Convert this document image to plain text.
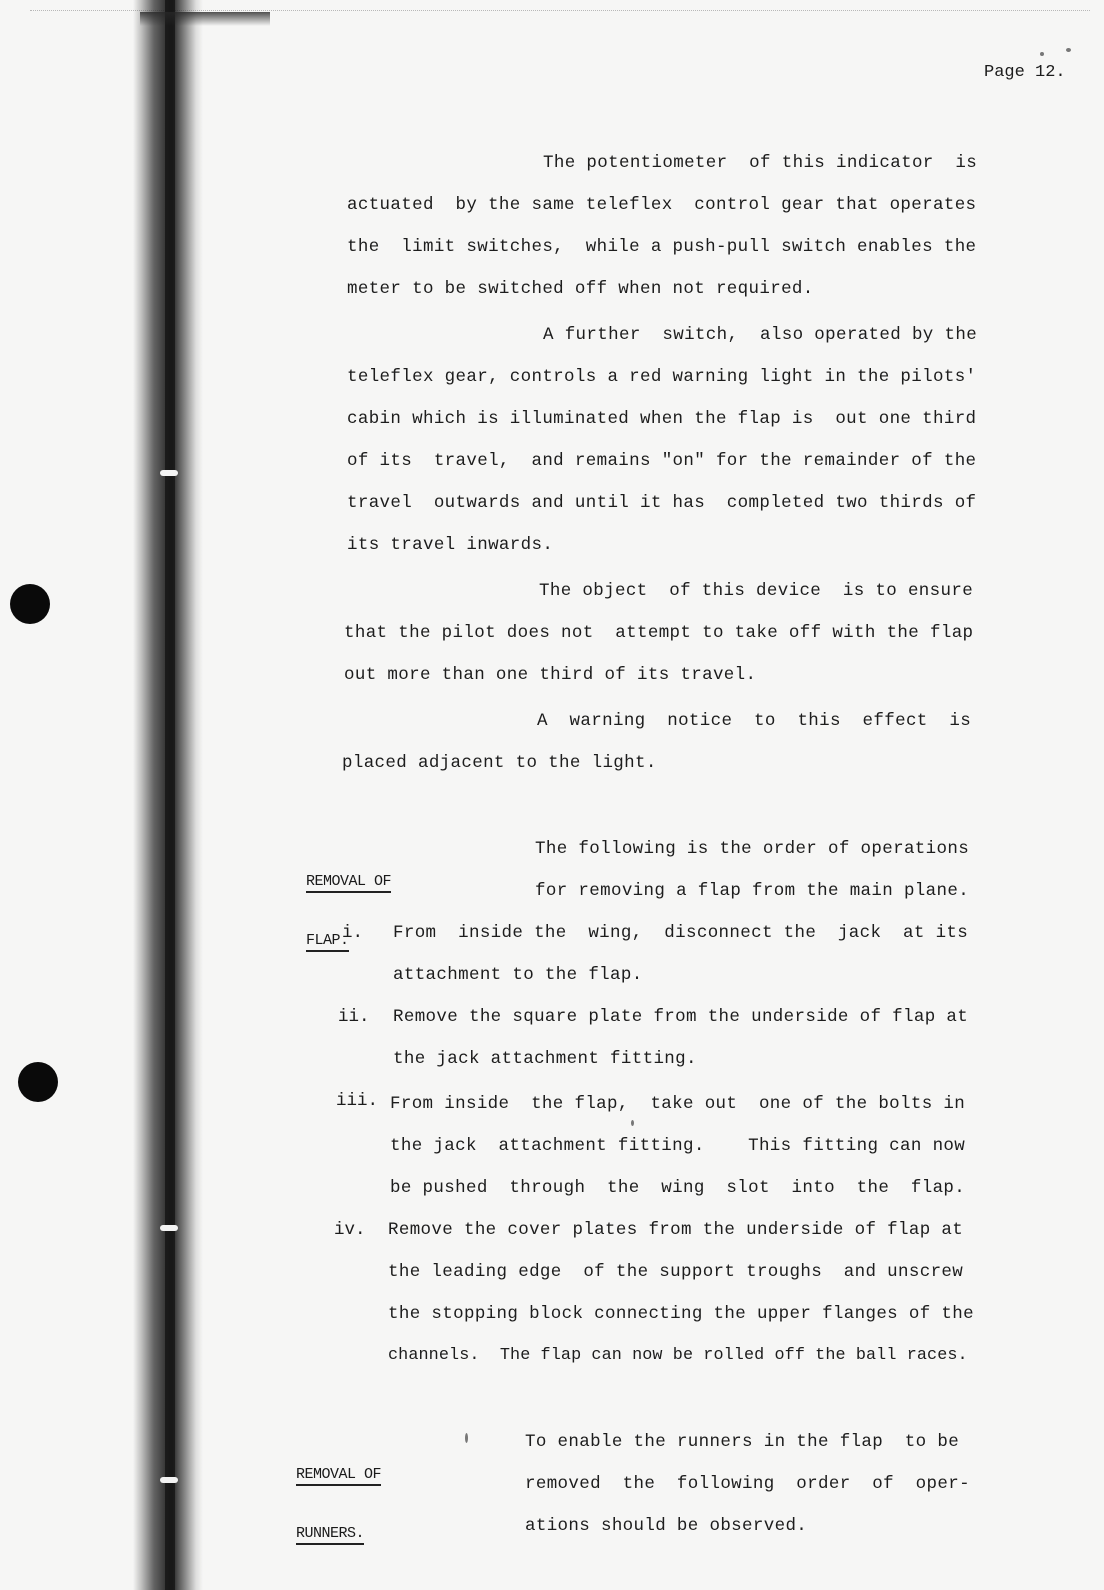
Page 12.
The potentiometer  of this indicator  is
actuated  by the same teleflex  control gear that operates
the  limit switches,  while a push-pull switch enables the
meter to be switched off when not required.
A further  switch,  also operated by the
teleflex gear, controls a red warning light in the pilots'
cabin which is illuminated when the flap is  out one third
of its  travel,  and remains "on" for the remainder of the
travel  outwards and until it has  completed two thirds of
its travel inwards.
The object  of this device  is to ensure
that the pilot does not  attempt to take off with the flap
out more than one third of its travel.
A  warning  notice  to  this  effect  is
placed adjacent to the light.

REMOVAL OF

FLAP.

The following is the order of operations
for removing a flap from the main plane.
i. From  inside the  wing,  disconnect the  jack  at its
attachment to the flap.
ii. Remove the square plate from the underside of flap at
the jack attachment fitting.
iii. From inside  the flap,  take out  one of the bolts in
the jack  attachment fitting.    This fitting can now
be pushed  through  the  wing  slot  into  the  flap.
iv. Remove the cover plates from the underside of flap at
the leading edge  of the support troughs  and unscrew
the stopping block connecting the upper flanges of the
channels.  The flap can now be rolled off the ball races.

REMOVAL OF

RUNNERS.

To enable the runners in the flap  to be
removed  the  following  order  of  oper-
ations should be observed.
